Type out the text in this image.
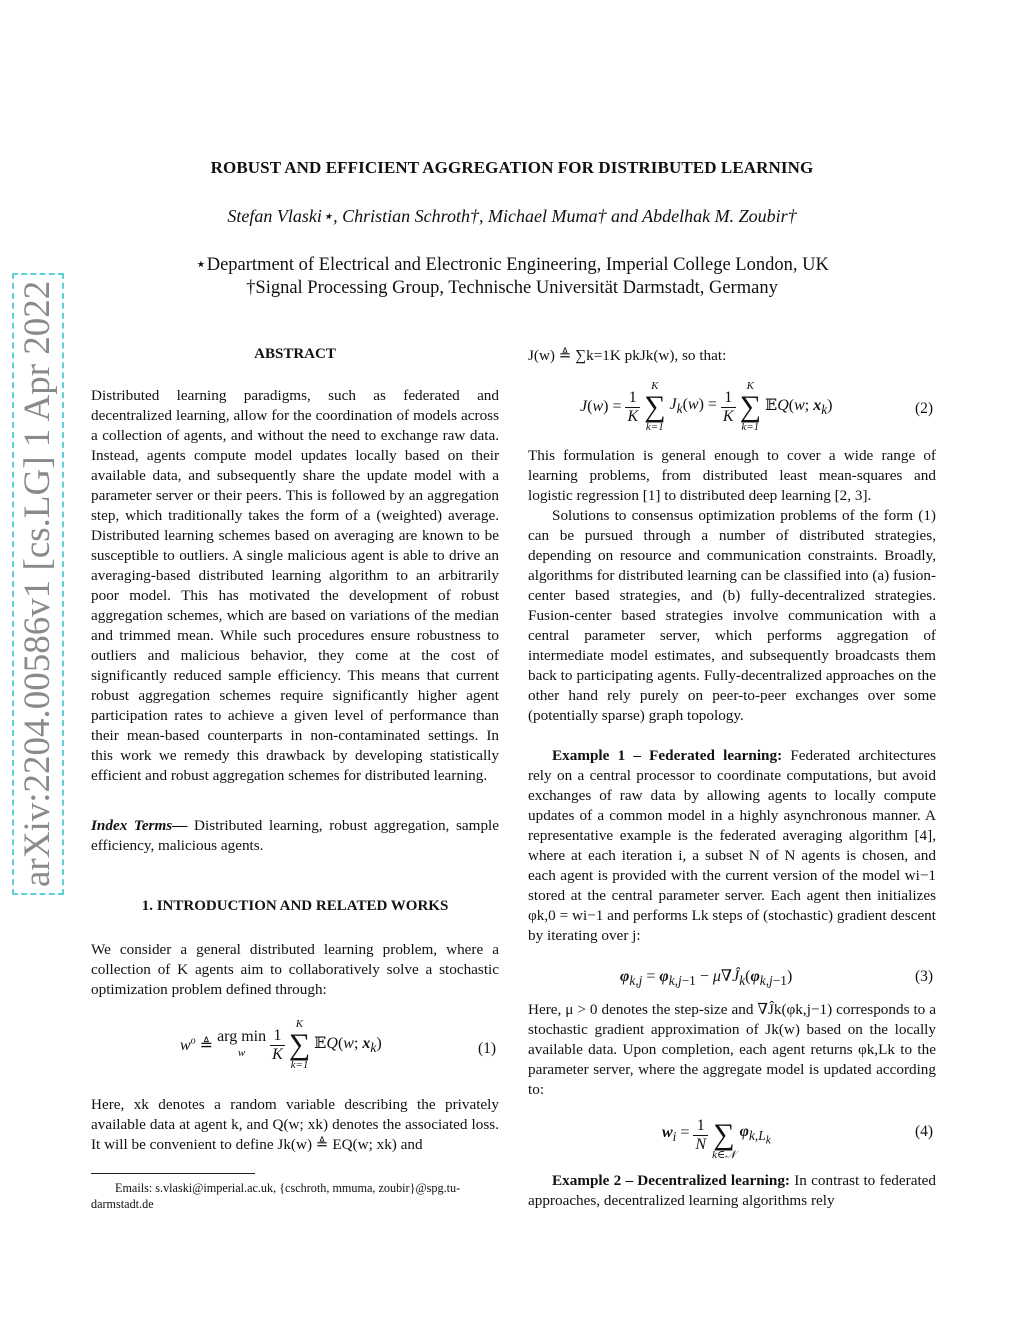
arXiv:2204.00586v1 [cs.LG] 1 Apr 2022
ROBUST AND EFFICIENT AGGREGATION FOR DISTRIBUTED LEARNING
Stefan Vlaski⋆, Christian Schroth†, Michael Muma† and Abdelhak M. Zoubir†
⋆Department of Electrical and Electronic Engineering, Imperial College London, UK
†Signal Processing Group, Technische Universität Darmstadt, Germany
ABSTRACT

Distributed learning paradigms, such as federated and decentralized learning, allow for the coordination of models across a collection of agents, and without the need to exchange raw data. Instead, agents compute model updates locally based on their available data, and subsequently share the update model with a parameter server or their peers. This is followed by an aggregation step, which traditionally takes the form of a (weighted) average. Distributed learning schemes based on averaging are known to be susceptible to outliers. A single malicious agent is able to drive an averaging-based distributed learning algorithm to an arbitrarily poor model. This has motivated the development of robust aggregation schemes, which are based on variations of the median and trimmed mean. While such procedures ensure robustness to outliers and malicious behavior, they come at the cost of significantly reduced sample efficiency. This means that current robust aggregation schemes require significantly higher agent participation rates to achieve a given level of performance than their mean-based counterparts in non-contaminated settings. In this work we remedy this drawback by developing statistically efficient and robust aggregation schemes for distributed learning.

Index Terms— Distributed learning, robust aggregation, sample efficiency, malicious agents.

1. INTRODUCTION AND RELATED WORKS

We consider a general distributed learning problem, where a collection of K agents aim to collaboratively solve a stochastic optimization problem defined through:

$w^o$ ≜ arg min
w
	$\frac{1}{K}$

K
∑
k=1
𝔼Q(w; $x_k$)	(1)

Here, xk denotes a random variable describing the privately available data at agent k, and Q(w; xk) denotes the associated loss. It will be convenient to define Jk(w) ≜ EQ(w; xk) and

Emails: s.vlaski@imperial.ac.uk, {cschroth, mmuma, zoubir}@spg.tu-darmstadt.de

J(w) ≜ ∑k=1K pkJk(w), so that:

$J(w) = \frac{1}{K}$

K
∑
k=1
$J_k(w) = \frac{1}{K}$

K
∑
k=1
𝔼Q(w; $x_k$)	(2)

This formulation is general enough to cover a wide range of learning problems, from distributed least mean-squares and logistic regression [1] to distributed deep learning [2, 3].

Solutions to consensus optimization problems of the form (1) can be pursued through a number of distributed strategies, depending on resource and communication constraints. Broadly, algorithms for distributed learning can be classified into (a) fusion-center based strategies, and (b) fully-decentralized strategies. Fusion-center based strategies involve communication with a central parameter server, which performs aggregation of intermediate model estimates, and subsequently broadcasts them back to participating agents. Fully-decentralized approaches on the other hand rely purely on peer-to-peer exchanges over some (potentially sparse) graph topology.

Example 1 – Federated learning: Federated architectures rely on a central processor to coordinate computations, but avoid exchanges of raw data by allowing agents to locally compute updates of a common model in a highly asynchronous manner. A representative example is the federated averaging algorithm [4], where at each iteration i, a subset N of N agents is chosen, and each agent is provided with the current version of the model wi−1 stored at the central parameter server. Each agent then initializes φk,0 = wi−1 and performs Lk steps of (stochastic) gradient descent by iterating over j:

$\varphi_{k,j} = \varphi_{k,j-1}$ − $\mu\nabla Ĵ_k(\varphi_{k,j-1})$	(3)

Here, μ > 0 denotes the step-size and ∇Ĵk(φk,j−1) corresponds to a stochastic gradient approximation of Jk(w) based on the locally available data. Upon completion, each agent returns φk,Lk to the parameter server, where the aggregate model is updated according to:

$w_i = \frac{1}{N}$

∑
k∈𝒩
$\varphi_{k,L_k}$
(4)

Example 2 – Decentralized learning: In contrast to federated approaches, decentralized learning algorithms rely
